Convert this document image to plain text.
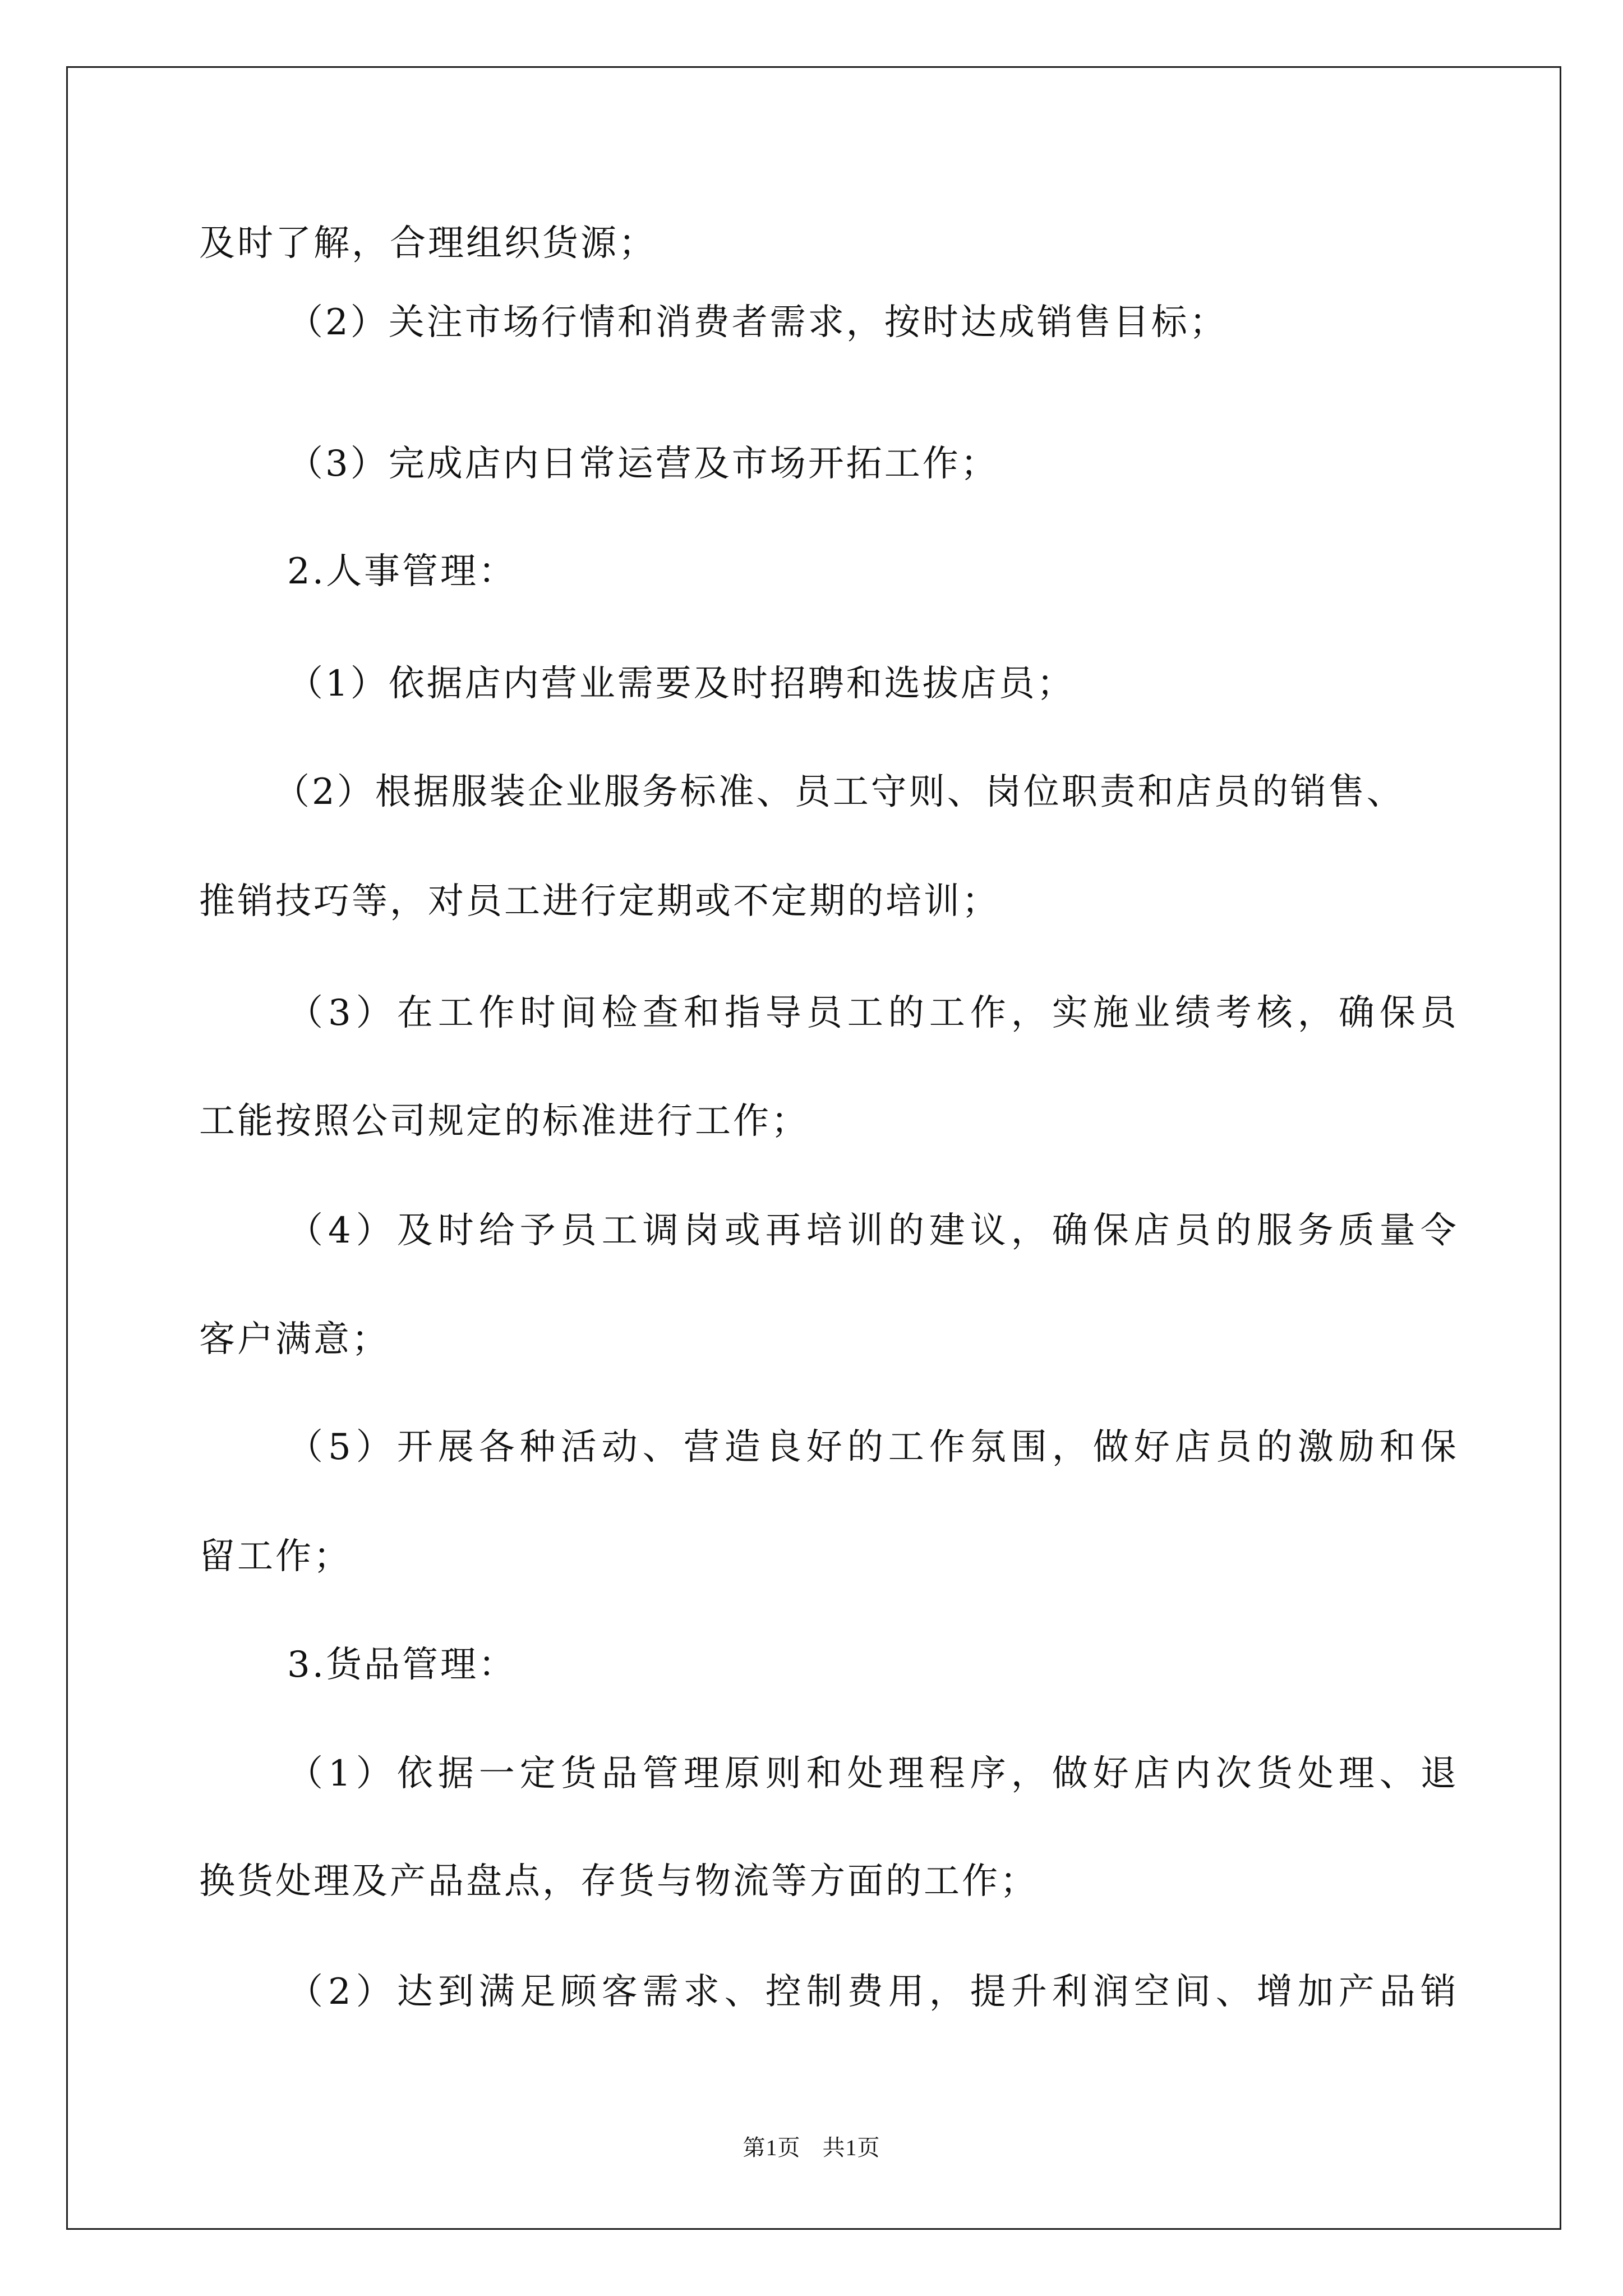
及时了解，合理组织货源；
（2）关注市场行情和消费者需求，按时达成销售目标；
（3）完成店内日常运营及市场开拓工作；
2.人事管理：
（1）依据店内营业需要及时招聘和选拔店员；
（2）根据服装企业服务标准、员工守则、岗位职责和店员的销售、
推销技巧等，对员工进行定期或不定期的培训；
（3）在工作时间检查和指导员工的工作，实施业绩考核，确保员
工能按照公司规定的标准进行工作；
（4）及时给予员工调岗或再培训的建议，确保店员的服务质量令
客户满意；
（5）开展各种活动、营造良好的工作氛围，做好店员的激励和保
留工作；
3.货品管理：
（1）依据一定货品管理原则和处理程序，做好店内次货处理、退
换货处理及产品盘点，存货与物流等方面的工作；
（2）达到满足顾客需求、控制费用，提升利润空间、增加产品销
第1页 共1页
